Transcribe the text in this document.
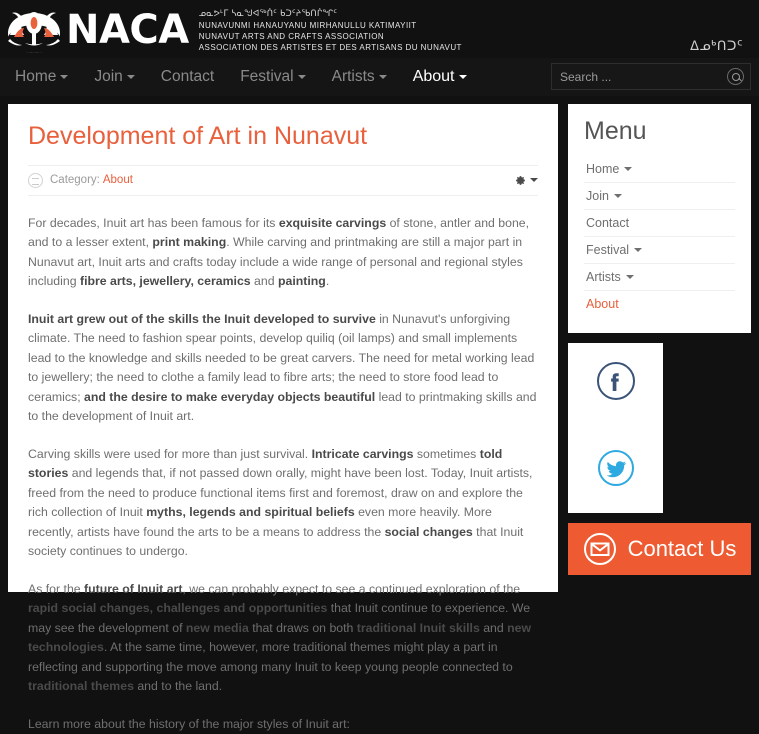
NACA ᓄᓇᕗᒻᒥ ᓴᓇᖑᐊᖅᑏᑦ ᑲᑐᑦᔨᖃᑎᒌᖏᑦ
NUNAVUNMI HANAUYANU MIRHANULLU KATIMAYIIT
NUNAVUT ARTS AND CRAFTS ASSOCIATION
ASSOCIATION DES ARTISTES ET DES ARTISANS DU NUNAVUT	ᐃᓄᒃᑎᑐᑦ
Home	Join	Contact	Festival	Artists	About
Search ...
Development of Art in Nunavut
Category: About

For decades, Inuit art has been famous for its exquisite carvings of stone, antler and bone, and to a lesser extent, print making. While carving and printmaking are still a major part in Nunavut art, Inuit arts and crafts today include a wide range of personal and regional styles including fibre arts, jewellery, ceramics and painting.

Inuit art grew out of the skills the Inuit developed to survive in Nunavut's unforgiving climate. The need to fashion spear points, develop quiliq (oil lamps) and small implements lead to the knowledge and skills needed to be great carvers. The need for metal working lead to jewellery; the need to clothe a family lead to fibre arts; the need to store food lead to ceramics; and the desire to make everyday objects beautiful lead to printmaking skills and to the development of Inuit art.

Carving skills were used for more than just survival. Intricate carvings sometimes told stories and legends that, if not passed down orally, might have been lost. Today, Inuit artists, freed from the need to produce functional items first and foremost, draw on and explore the rich collection of Inuit myths, legends and spiritual beliefs even more heavily. More recently, artists have found the arts to be a means to address the social changes that Inuit society continues to undergo.

As for the future of Inuit art, we can probably expect to see a continued exploration of the rapid social changes, challenges and opportunities that Inuit continue to experience. We may see the development of new media that draws on both traditional Inuit skills and new technologies. At the same time, however, more traditional themes might play a part in reflecting and supporting the move among many Inuit to keep young people connected to traditional themes and to the land.

Learn more about the history of the major styles of Inuit art:

Menu
Home
Join
Contact
Festival
Artists
About
Contact Us
